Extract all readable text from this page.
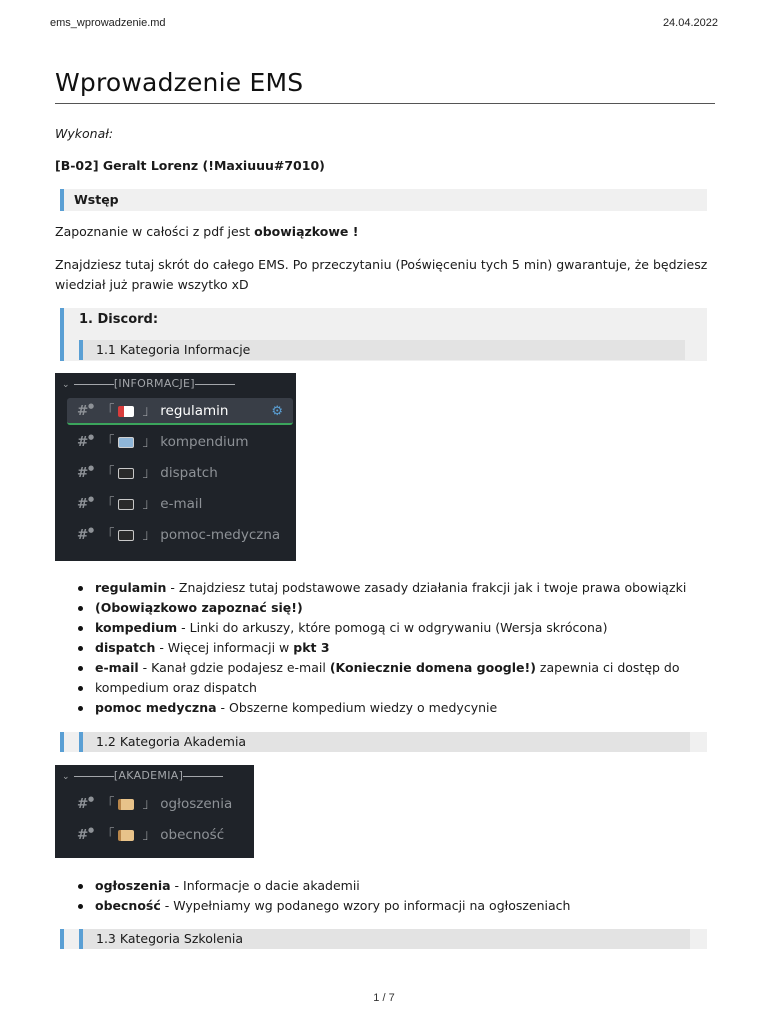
ems_wprowadzenie.md	24.04.2022
Wprowadzenie EMS
Wykonał:
[B-02] Geralt Lorenz (!Maxiuuu#7010)
Wstęp
Zapoznanie w całości z pdf jest obowiązkowe !
Znajdziesz tutaj skrót do całego EMS. Po przeczytaniu (Poświęceniu tych 5 min) gwarantuje, że będziesz
wiedział już prawie wszytko xD
1. Discord:
1.1 Kategoria Informacje
⌄	[INFORMACJE]
# ● 「 」 regulamin	⚙
# ● 「 」 kompendium
# ● 「 」 dispatch
# ● 「 」 e-mail
# ● 「 」 pomoc-medyczna
regulamin - Znajdziesz tutaj podstawowe zasady działania frakcji jak i twoje prawa obowiązki
(Obowiązkowo zapoznać się!)
kompedium - Linki do arkuszy, które pomogą ci w odgrywaniu (Wersja skrócona)
dispatch - Więcej informacji w pkt 3
e-mail - Kanał gdzie podajesz e-mail (Koniecznie domena google!) zapewnia ci dostęp do
kompedium oraz dispatch
pomoc medyczna - Obszerne kompedium wiedzy o medycynie
1.2 Kategoria Akademia
⌄	[AKADEMIA]
# ● 「 」 ogłoszenia
# ● 「 」 obecność
ogłoszenia - Informacje o dacie akademii
obecność - Wypełniamy wg podanego wzory po informacji na ogłoszeniach
1.3 Kategoria Szkolenia
1 / 7
